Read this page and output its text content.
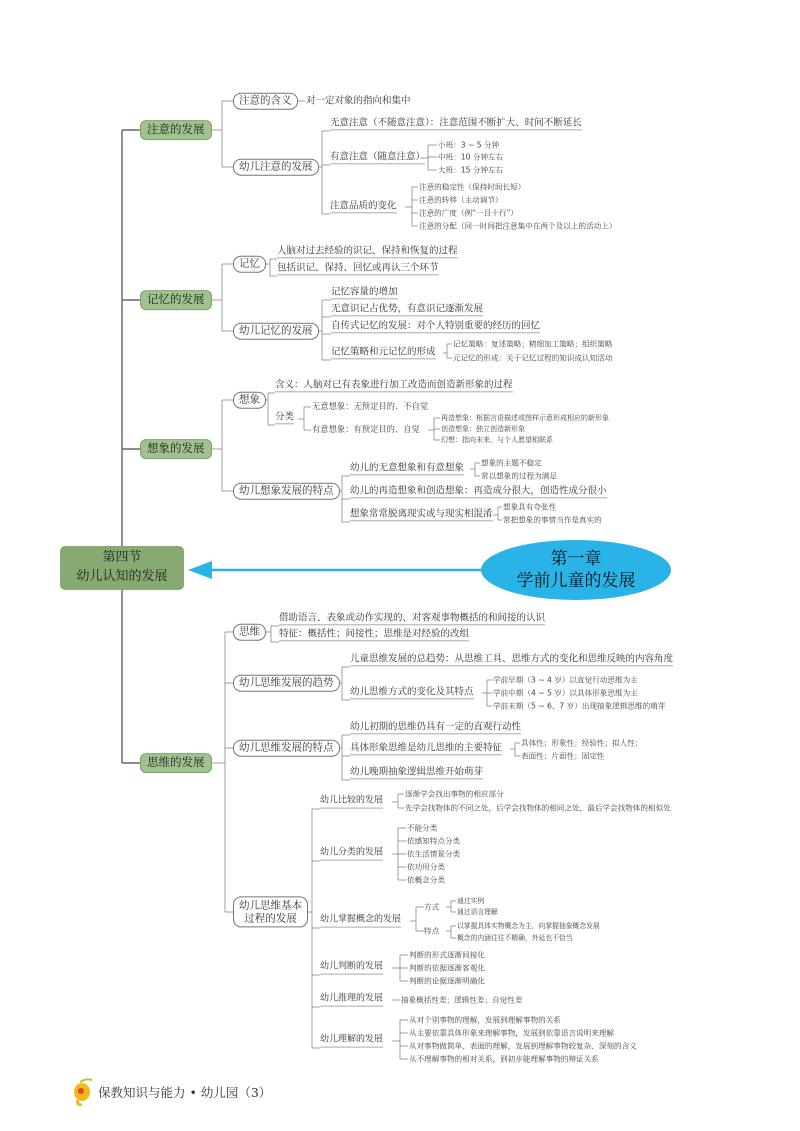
第四节
幼儿认知的发展
第一章
学前儿童的发展
注意的发展
注意的含义	对一定对象的指向和集中
幼儿注意的发展
无意注意（不随意注意）：注意范围不断扩大、时间不断延长
有意注意（随意注意）
小班：3 ~ 5 分钟
中班：10 分钟左右
大班：15 分钟左右
注意品质的变化
注意的稳定性（保持时间长短）
注意的转移（主动调节）
注意的广度（例“一目十行”）
注意的分配（同一时间把注意集中在两个及以上的活动上）
记忆的发展
记忆
人脑对过去经验的识记、保持和恢复的过程
包括识记、保持、回忆或再认三个环节
幼儿记忆的发展
记忆容量的增加
无意识记占优势，有意识记逐渐发展
自传式记忆的发展：对个人特别重要的经历的回忆
记忆策略和元记忆的形成
记忆策略：复述策略；精细加工策略；组织策略
元记忆的形成：关于记忆过程的知识或认知活动
想象的发展
想象
含义：人脑对已有表象进行加工改造而创造新形象的过程
分类
无意想象：无预定目的、不自觉
有意想象：有预定目的、自觉
再造想象：根据言语描述或图样示意形成相应的新形象
创造想象：独立创造新形象
幻想：指向未来，与个人愿望相联系
幼儿想象发展的特点
幼儿的无意想象和有意想象 想象的主题不稳定
常以想象的过程为满足
幼儿的再造想象和创造想象：再造成分很大，创造性成分很小
想象常常脱离现实或与现实相混淆
想象具有夸张性
常把想象的事情当作是真实的
思维的发展
思维
借助语言、表象或动作实现的、对客观事物概括的和间接的认识
特征：概括性；间接性；思维是对经验的改组
幼儿思维发展的趋势
儿童思维发展的总趋势：从思维工具、思维方式的变化和思维反映的内容角度
幼儿思维方式的变化及其特点
学前早期（3 ~ 4 岁）以直觉行动思维为主
学前中期（4 ~ 5 岁）以具体形象思维为主
学前末期（5 ~ 6、7 岁）出现抽象逻辑思维的萌芽
幼儿思维发展的特点
幼儿初期的思维仍具有一定的直观行动性
具体形象思维是幼儿思维的主要特征 具体性；形象性；经验性；拟人性；
表面性；片面性；固定性
幼儿晚期抽象逻辑思维开始萌芽
幼儿思维基本
过程的发展
幼儿比较的发展
逐渐学会找出事物的相应部分
先学会找物体的不同之处，后学会找物体的相同之处，最后学会找物体的相似处
幼儿分类的发展
不能分类
依感知特点分类
依生活情景分类
依功用分类
依概念分类
幼儿掌握概念的发展
方式
通过实例
通过语言理解
特点
以掌握具体实物概念为主，向掌握抽象概念发展
概念的内涵往往不精确，外延也不恰当
幼儿判断的发展
判断的形式逐渐间接化
判断的依据逐渐客观化
判断的论据逐渐明确化
幼儿推理的发展 抽象概括性差；逻辑性差；自觉性差
幼儿理解的发展
从对个别事物的理解，发展到理解事物的关系
从主要依靠具体形象来理解事物，发展到依靠语言说明来理解
从对事物做简单、表面的理解，发展到理解事物较复杂、深刻的含义
从不理解事物的相对关系，到初步能理解事物的辩证关系
保教知识与能力 • 幼儿园（3）
